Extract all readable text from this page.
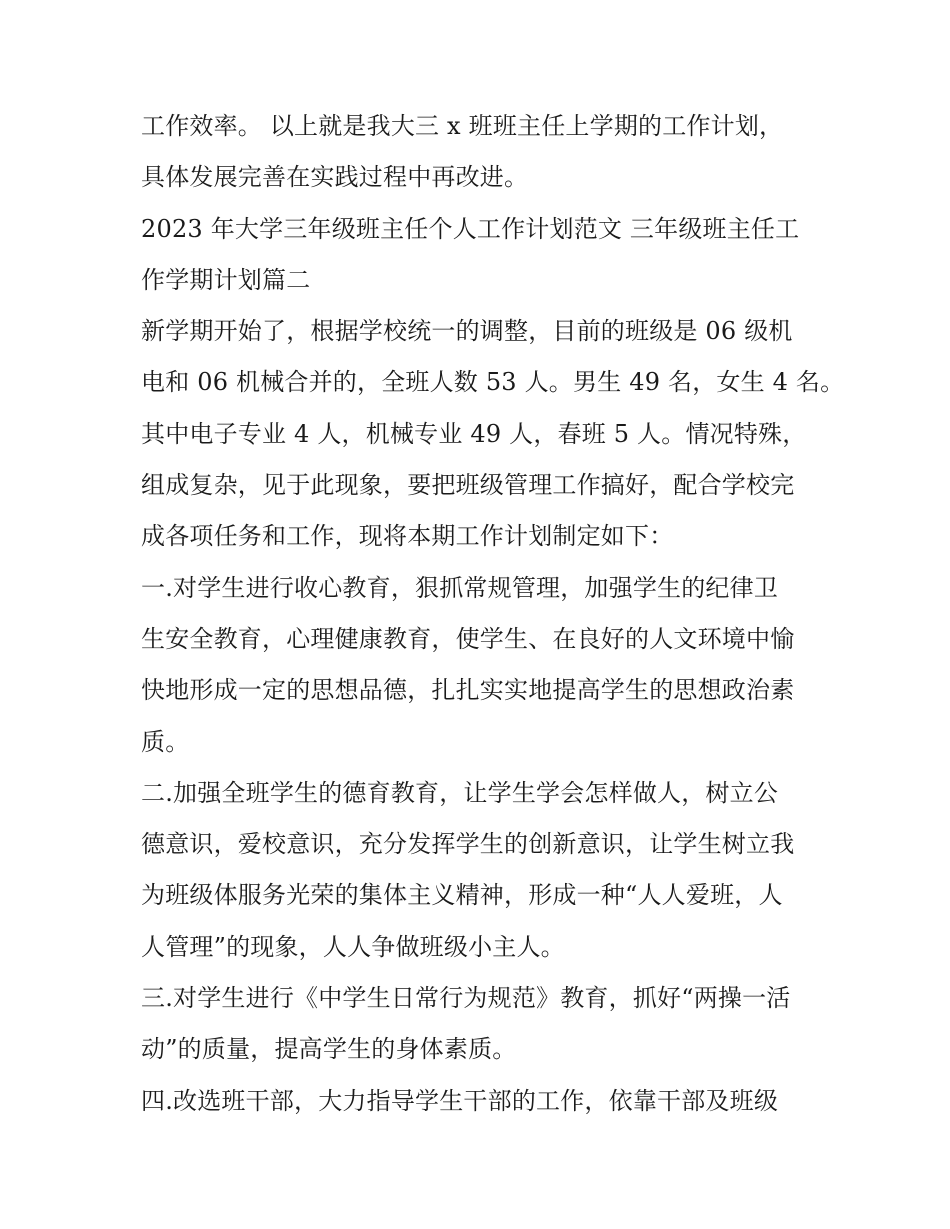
工作效率。 以上就是我大三 x 班班主任上学期的工作计划，
具体发展完善在实践过程中再改进。
2023 年大学三年级班主任个人工作计划范文 三年级班主任工
作学期计划篇二
新学期开始了，根据学校统一的调整，目前的班级是 06 级机
电和 06 机械合并的，全班人数 53 人。男生 49 名，女生 4 名。
其中电子专业 4 人，机械专业 49 人，春班 5 人。情况特殊，
组成复杂，见于此现象，要把班级管理工作搞好，配合学校完
成各项任务和工作，现将本期工作计划制定如下：
一.对学生进行收心教育，狠抓常规管理，加强学生的纪律卫
生安全教育，心理健康教育，使学生、在良好的人文环境中愉
快地形成一定的思想品德，扎扎实实地提高学生的思想政治素
质。
二.加强全班学生的德育教育，让学生学会怎样做人，树立公
德意识，爱校意识，充分发挥学生的创新意识，让学生树立我
为班级体服务光荣的集体主义精神，形成一种“人人爱班，人
人管理”的现象，人人争做班级小主人。
三.对学生进行《中学生日常行为规范》教育，抓好“两操一活
动”的质量，提高学生的身体素质。
四.改选班干部，大力指导学生干部的工作，依靠干部及班级
